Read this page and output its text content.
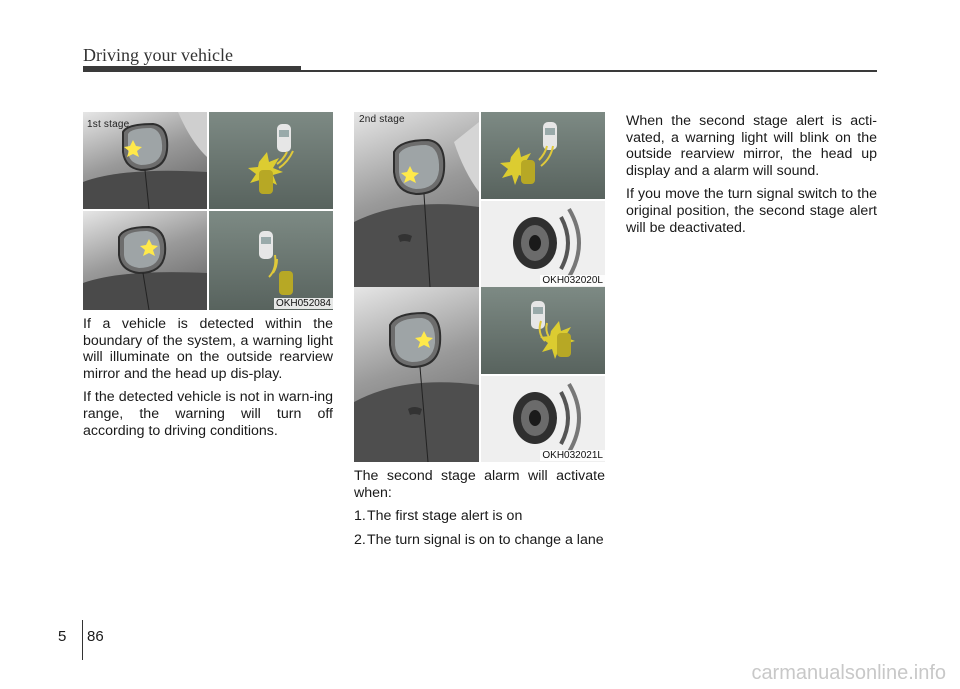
Driving your vehicle
1st stage
OKH052084

If a vehicle is detected within the boundary of the system, a warning light will illuminate on the outside rearview mirror and the head up dis-play.

If the detected vehicle is not in warn-ing range, the warning will turn off according to driving conditions.

2nd stage
OKH032020L
OKH032021L

The second stage alarm will activate when:

1. The first stage alert is on
2. The turn signal is on to change a lane

When the second stage alert is acti-vated, a warning light will blink on the outside rearview mirror, the head up display and a alarm will sound.

If you move the turn signal switch to the original position, the second stage alert will be deactivated.

5 86
carmanualsonline.info
